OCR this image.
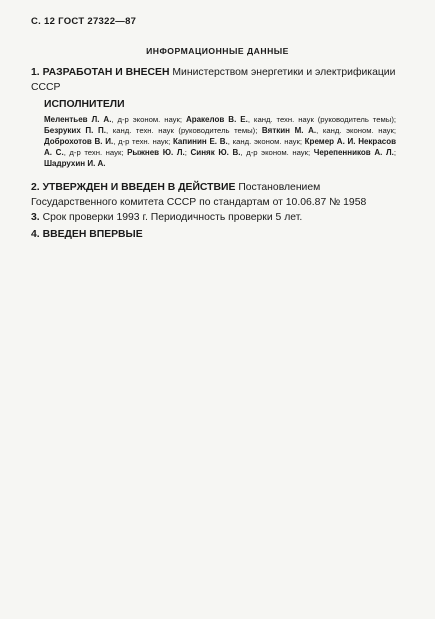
С. 12 ГОСТ 27322—87
ИНФОРМАЦИОННЫЕ ДАННЫЕ
1. РАЗРАБОТАН И ВНЕСЕН Министерством энергетики и электрификации СССР
ИСПОЛНИТЕЛИ
Мелентьев Л. А., д-р эконом. наук; Аракелов В. Е., канд. техн. наук (руководитель темы); Безруких П. П., канд. техн. наук (руководитель темы); Вяткин М. А., канд. эконом. наук; Доброхотов В. И., д-р техн. наук; Капинин Е. В., канд. эконом. наук; Кремер А. И. Некрасов А. С., д-р техн. наук; Рыжнев Ю. Л.; Синяк Ю. В., д-р эконом. наук; Черепенников А. Л.; Шадрухин И. А.
2. УТВЕРЖДЕН И ВВЕДЕН В ДЕЙСТВИЕ Постановлением Государственного комитета СССР по стандартам от 10.06.87 № 1958
3. Срок проверки 1993 г. Периодичность проверки 5 лет.
4. ВВЕДЕН ВПЕРВЫЕ
